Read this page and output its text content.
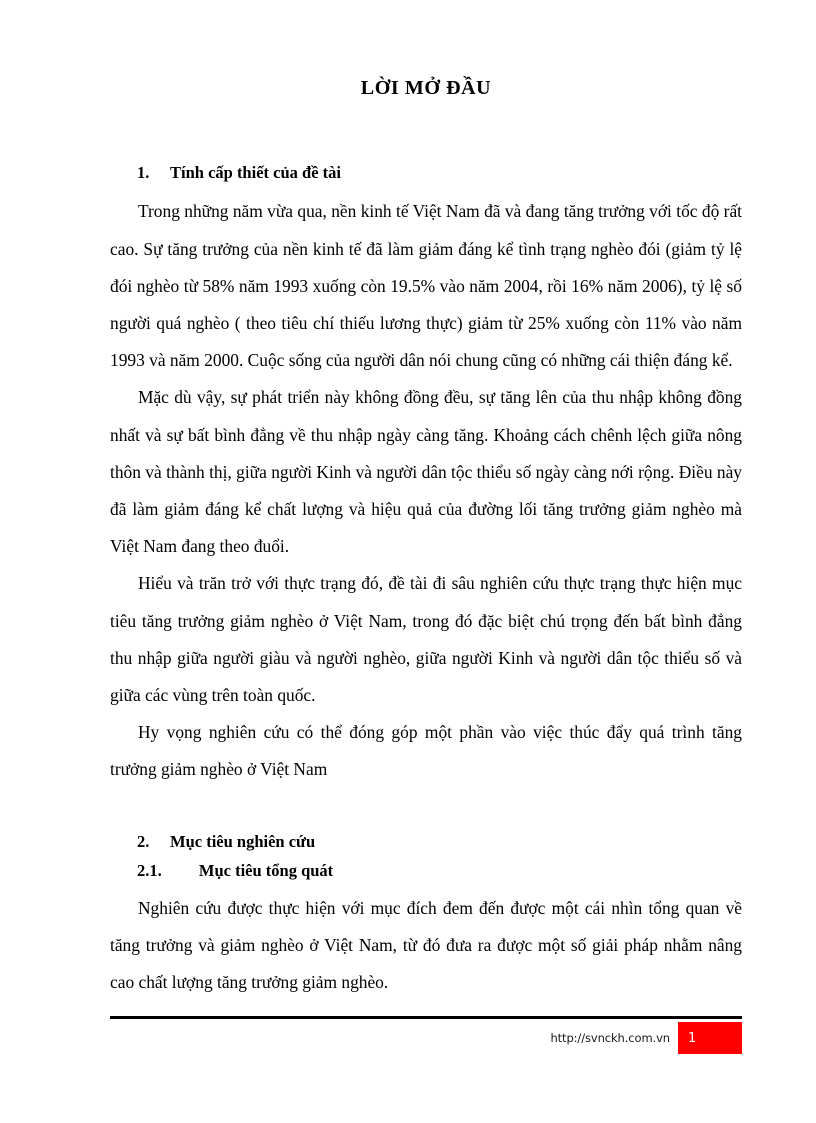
LỜI MỞ ĐẦU
1.	Tính cấp thiết của đề tài

Trong những năm vừa qua, nền kinh tế Việt Nam đã và đang tăng trưởng với tốc độ rất cao. Sự tăng trưởng của nền kinh tế đã làm giảm đáng kể tình trạng nghèo đói (giảm tỷ lệ đói nghèo từ 58% năm 1993 xuống còn 19.5% vào năm 2004, rồi 16% năm 2006), tỷ lệ số người quá nghèo ( theo tiêu chí thiếu lương thực) giảm từ 25% xuống còn 11% vào năm 1993 và năm 2000. Cuộc sống của người dân nói chung cũng có những cái thiện đáng kể.

Mặc dù vậy, sự phát triển này không đồng đều, sự tăng lên của thu nhập không đồng nhất và sự bất bình đẳng về thu nhập ngày càng tăng. Khoảng cách chênh lệch giữa nông thôn và thành thị, giữa người Kinh và người dân tộc thiểu số ngày càng nới rộng. Điều này đã làm giảm đáng kể chất lượng và hiệu quả của đường lối tăng trưởng giảm nghèo mà Việt Nam đang theo đuổi.

Hiểu và trăn trở với thực trạng đó, đề tài đi sâu nghiên cứu thực trạng thực hiện mục tiêu tăng trưởng giảm nghèo ở Việt Nam, trong đó đặc biệt chú trọng đến bất bình đẳng thu nhập giữa người giàu và người nghèo, giữa người Kinh và người dân tộc thiểu số và giữa các vùng trên toàn quốc.

Hy vọng nghiên cứu có thể đóng góp một phần vào việc thúc đẩy quá trình tăng trưởng giảm nghèo ở Việt Nam

2.	Mục tiêu nghiên cứu
2.1.	Mục tiêu tổng quát

Nghiên cứu được thực hiện với mục đích đem đến được một cái nhìn tổng quan về tăng trưởng và giảm nghèo ở Việt Nam, từ đó đưa ra được một số giải pháp nhằm nâng cao chất lượng tăng trưởng giảm nghèo.

http://svnckh.com.vn	1
